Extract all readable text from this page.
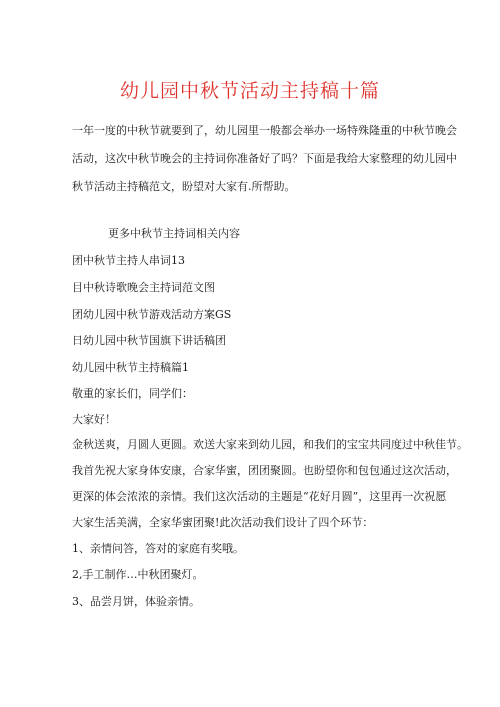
幼儿园中秋节活动主持稿十篇
一年一度的中秋节就要到了，幼儿园里一般都会举办一场特殊隆重的中秋节晚会
活动，这次中秋节晚会的主持词你准备好了吗？下面是我给大家整理的幼儿园中
秋节活动主持稿范文，盼望对大家有.所帮助。
更多中秋节主持词相关内容
团中秋节主持人串词13
目中秋诗歌晚会主持词范文图
团幼儿园中秋节游戏活动方案GS
日幼儿园中秋节国旗下讲话稿团
幼儿园中秋节主持稿篇1
敬重的家长们，同学们：
大家好！
金秋送爽，月圆人更圆。欢送大家来到幼儿园，和我们的宝宝共同度过中秋佳节。
我首先祝大家身体安康，合家华蜜，团团聚圆。也盼望你和包包通过这次活动，
更深的体会浓浓的亲情。我们这次活动的主题是“花好月圆”，这里再一次祝愿
大家生活美满，全家华蜜团聚!此次活动我们设计了四个环节：
1、亲情问答，答对的家庭有奖哦。
2,手工制作…中秋团聚灯。
3、品尝月饼，体验亲情。
